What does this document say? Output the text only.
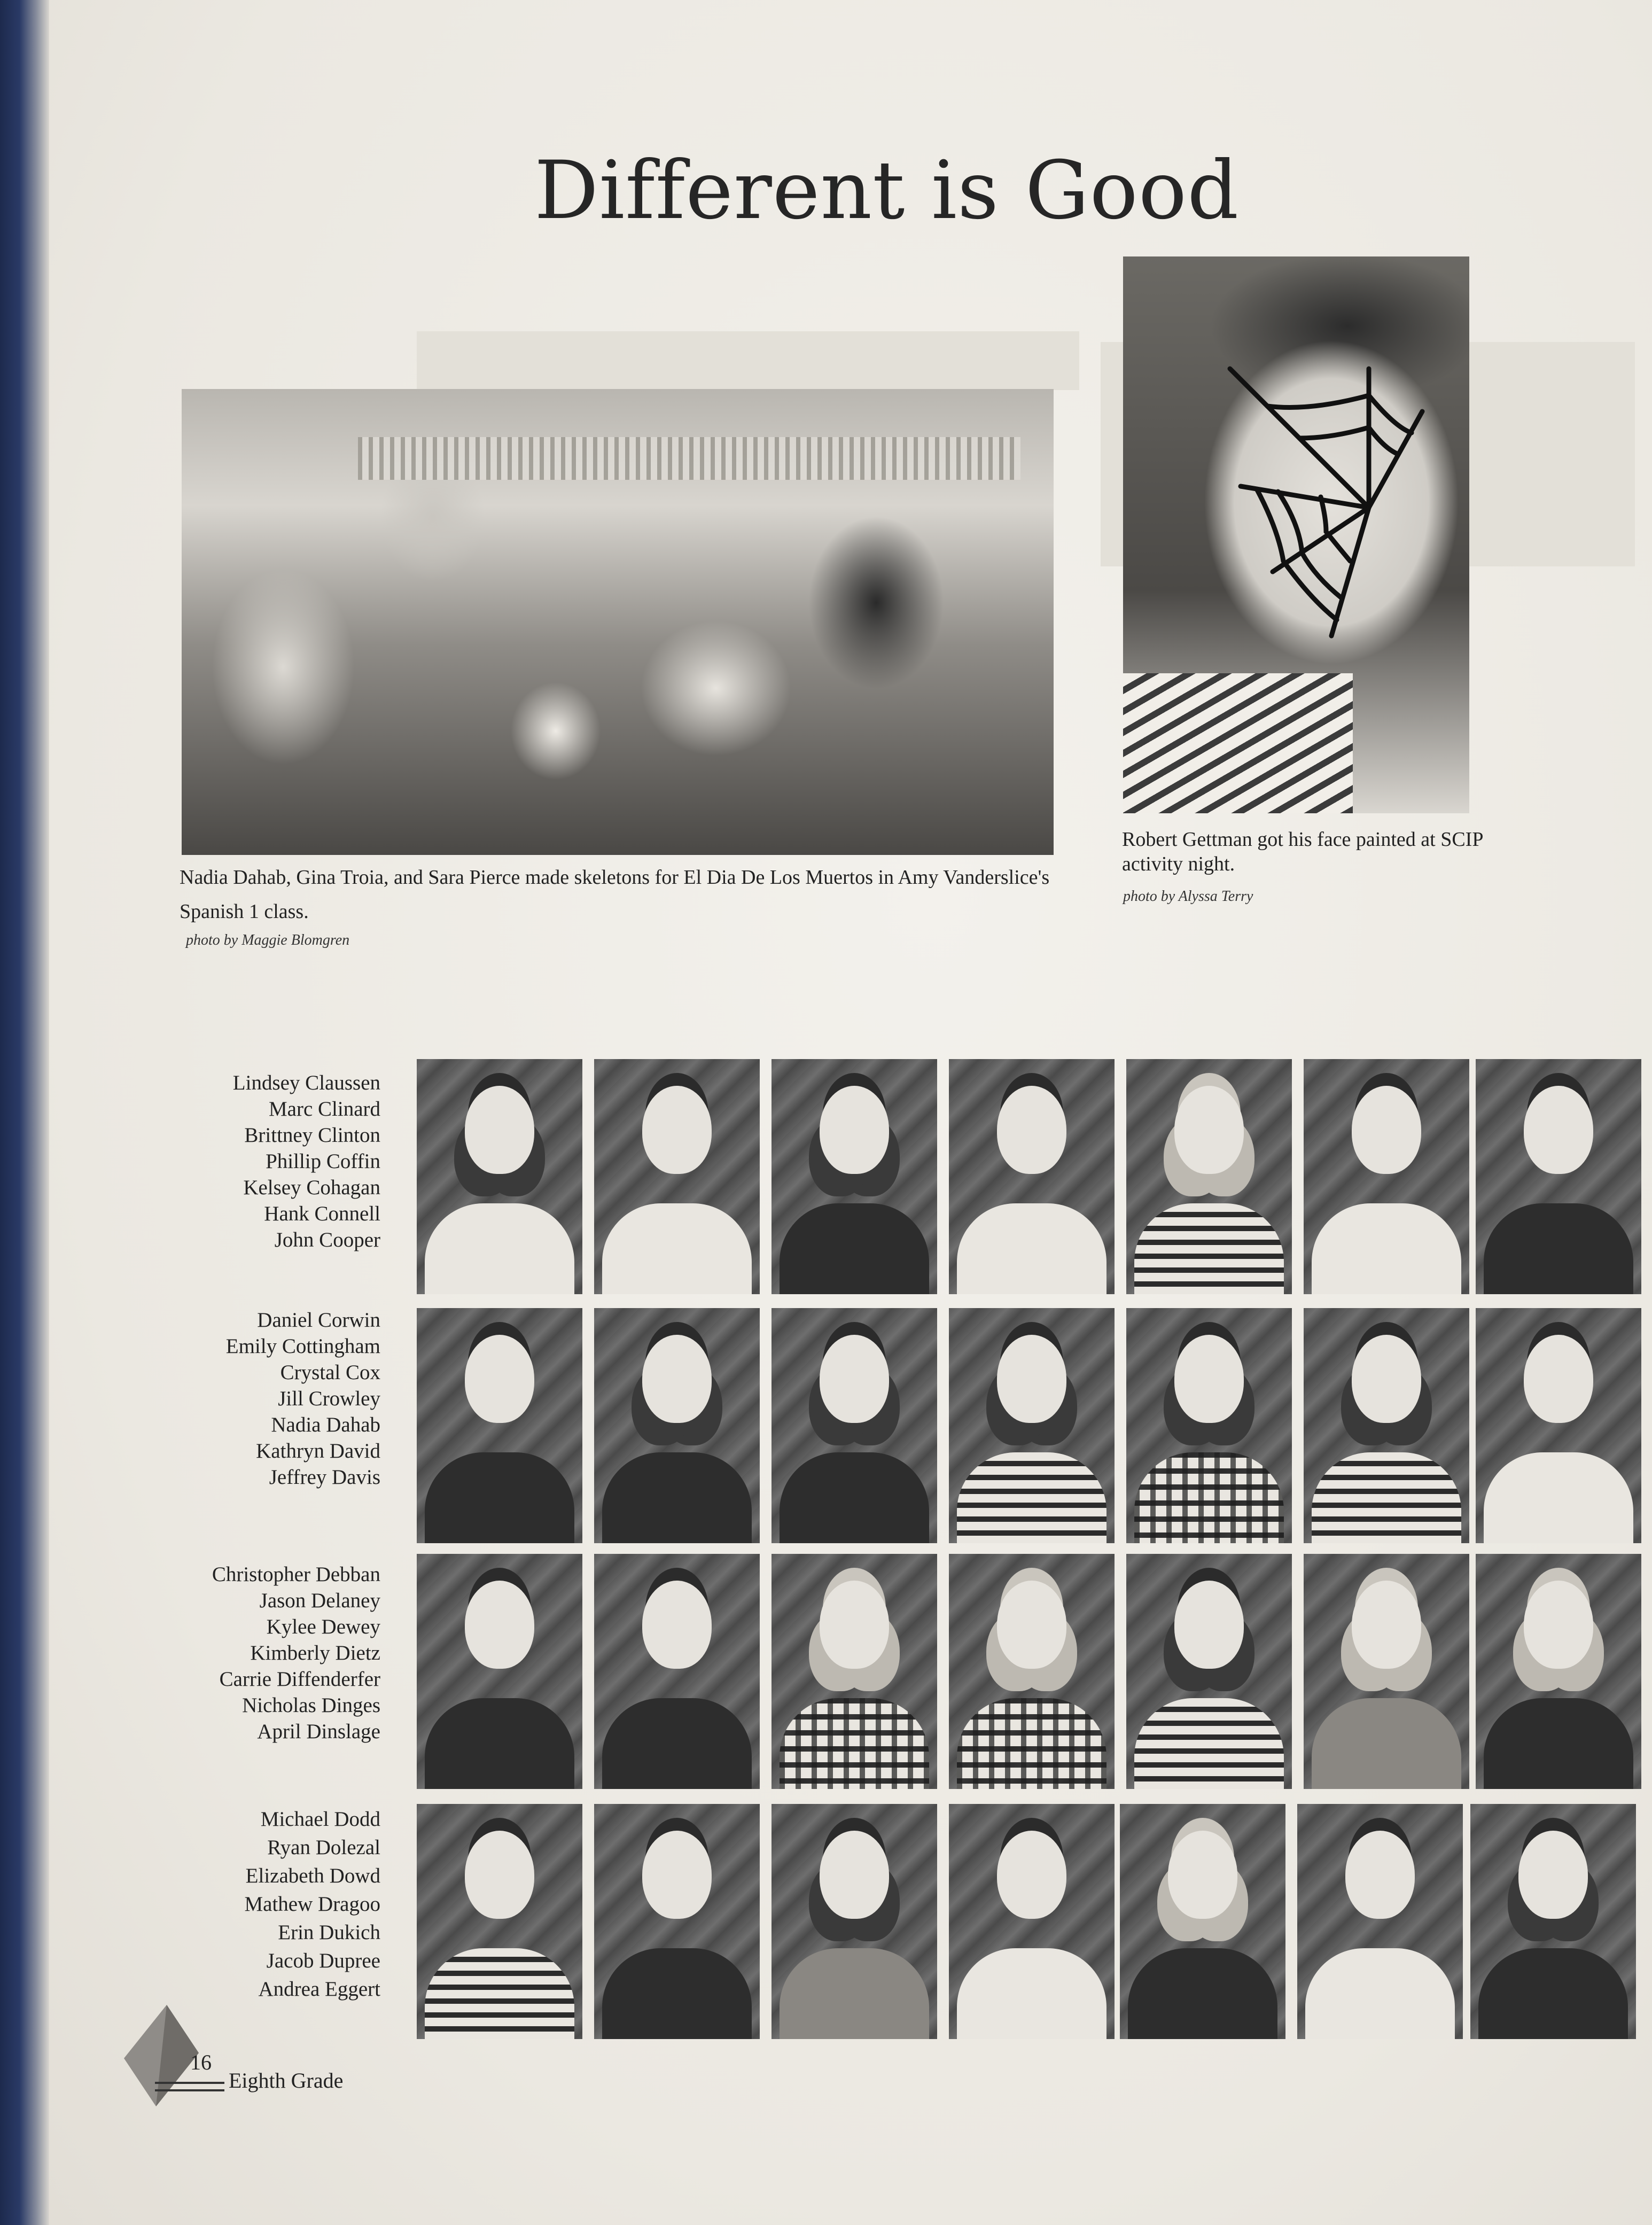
Different is Good
Nadia Dahab, Gina Troia, and Sara Pierce made skeletons for El Dia De Los Muertos in Amy Vanderslice's Spanish 1 class.
photo by Maggie Blomgren
Robert Gettman got his face painted at SCIP activity night.
photo by Alyssa Terry
Lindsey Claussen
Marc Clinard
Brittney Clinton
Phillip Coffin
Kelsey Cohagan
Hank Connell
John Cooper
Daniel Corwin
Emily Cottingham
Crystal Cox
Jill Crowley
Nadia Dahab
Kathryn David
Jeffrey Davis
Christopher Debban
Jason Delaney
Kylee Dewey
Kimberly Dietz
Carrie Diffenderfer
Nicholas Dinges
April Dinslage
Michael Dodd
Ryan Dolezal
Elizabeth Dowd
Mathew Dragoo
Erin Dukich
Jacob Dupree
Andrea Eggert
16
Eighth Grade
